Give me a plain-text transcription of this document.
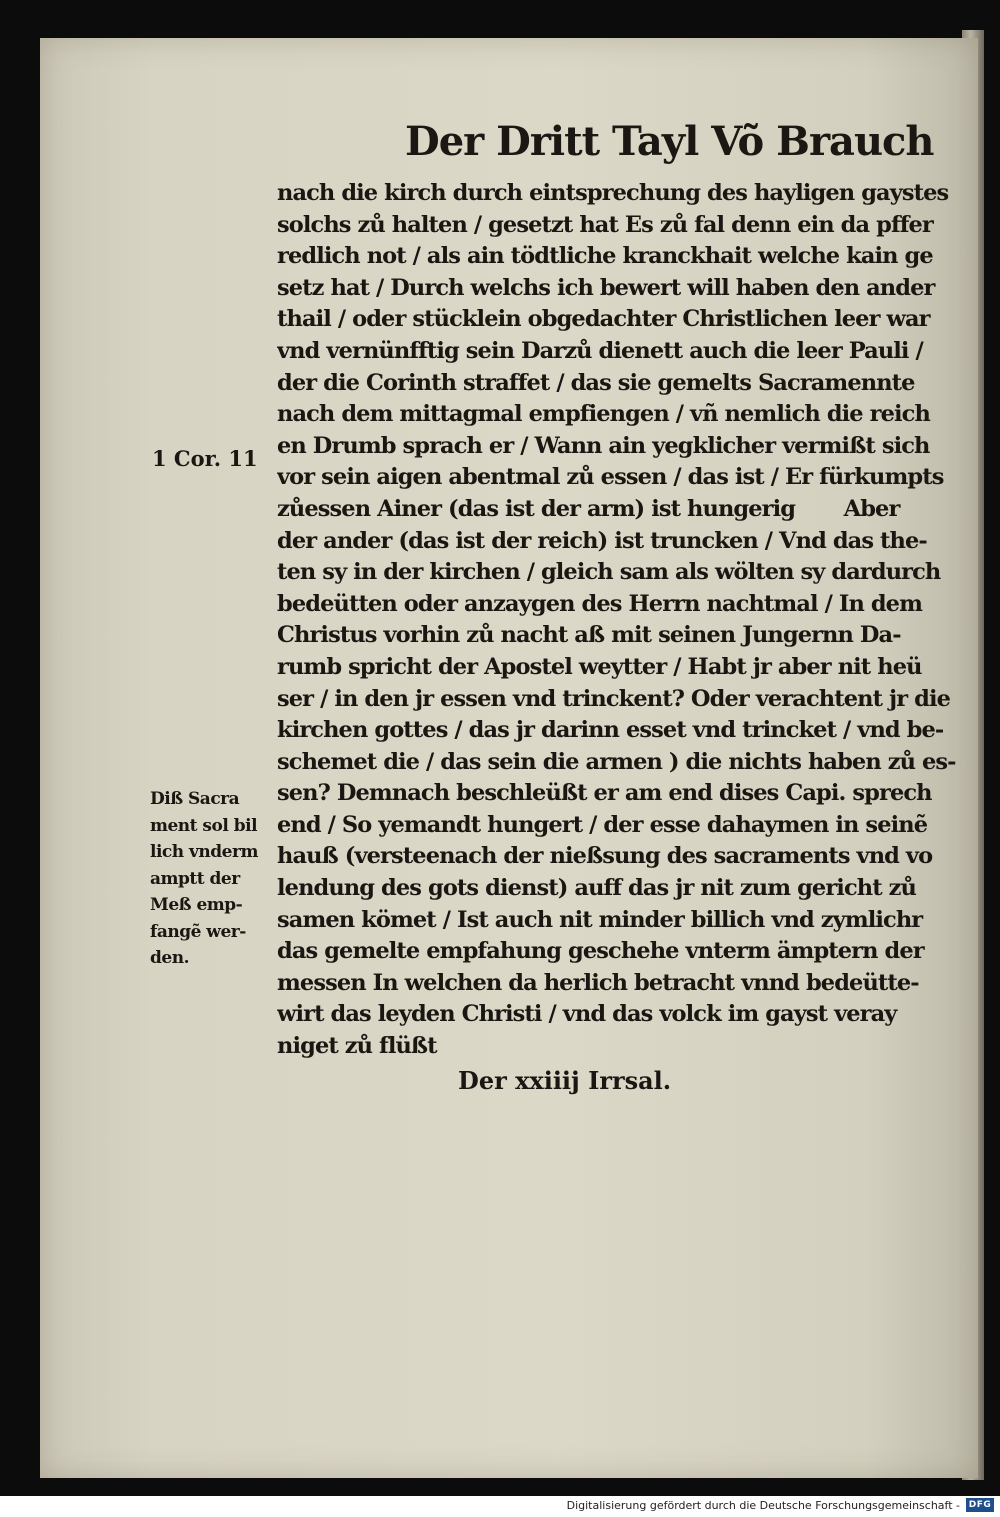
Der Dritt Tayl Võ Brauch
nach die kirch durch eintsprechung des hayligen gaystes
solchs zů halten / gesetzt hat Es zů fal denn ein da pffer
redlich not / als ain tödtliche kranckhait welche kain ge
setz hat / Durch welchs ich bewert will haben den ander
thail / oder stücklein obgedachter Christlichen leer war
vnd vernünfftig sein Darzů dienett auch die leer Pauli /
der die Corinth straffet / das sie gemelts Sacramennte
nach dem mittagmal empfiengen / vñ nemlich die reich
en Drumb sprach er / Wann ain yegklicher vermißt sich
vor sein aigen abentmal zů essen / das ist / Er fürkumpts
zůessen Ainer (das ist der arm) ist hungerig       Aber
der ander (das ist der reich) ist truncken / Vnd das the-
ten sy in der kirchen / gleich sam als wölten sy dardurch
bedeütten oder anzaygen des Herrn nachtmal / In dem
Christus vorhin zů nacht aß mit seinen Jungernn Da-
rumb spricht der Apostel weytter / Habt jr aber nit heü
ser / in den jr essen vnd trinckent? Oder verachtent jr die
kirchen gottes / das jr darinn esset vnd trincket / vnd be-
schemet die / das sein die armen ) die nichts haben zů es-
sen? Demnach beschleüßt er am end dises Capi. sprech
end / So yemandt hungert / der esse dahaymen in seinẽ
hauß (versteenach der nießsung des sacraments vnd vo
lendung des gots dienst) auff das jr nit zum gericht zů
samen kömet / Ist auch nit minder billich vnd zymlichr
das gemelte empfahung geschehe vnterm ämptern der
messen In welchen da herlich betracht vnnd bedeütte-
wirt das leyden Christi / vnd das volck im gayst veray
niget zů flüßt
1 Cor. 11
Diß Sacra
ment sol bil
lich vnderm
amptt der
Meß emp-
fangẽ wer-
den.
Der xxiiij Irrsal.
Digitalisierung gefördert durch die Deutsche Forschungsgemeinschaft - DFG
